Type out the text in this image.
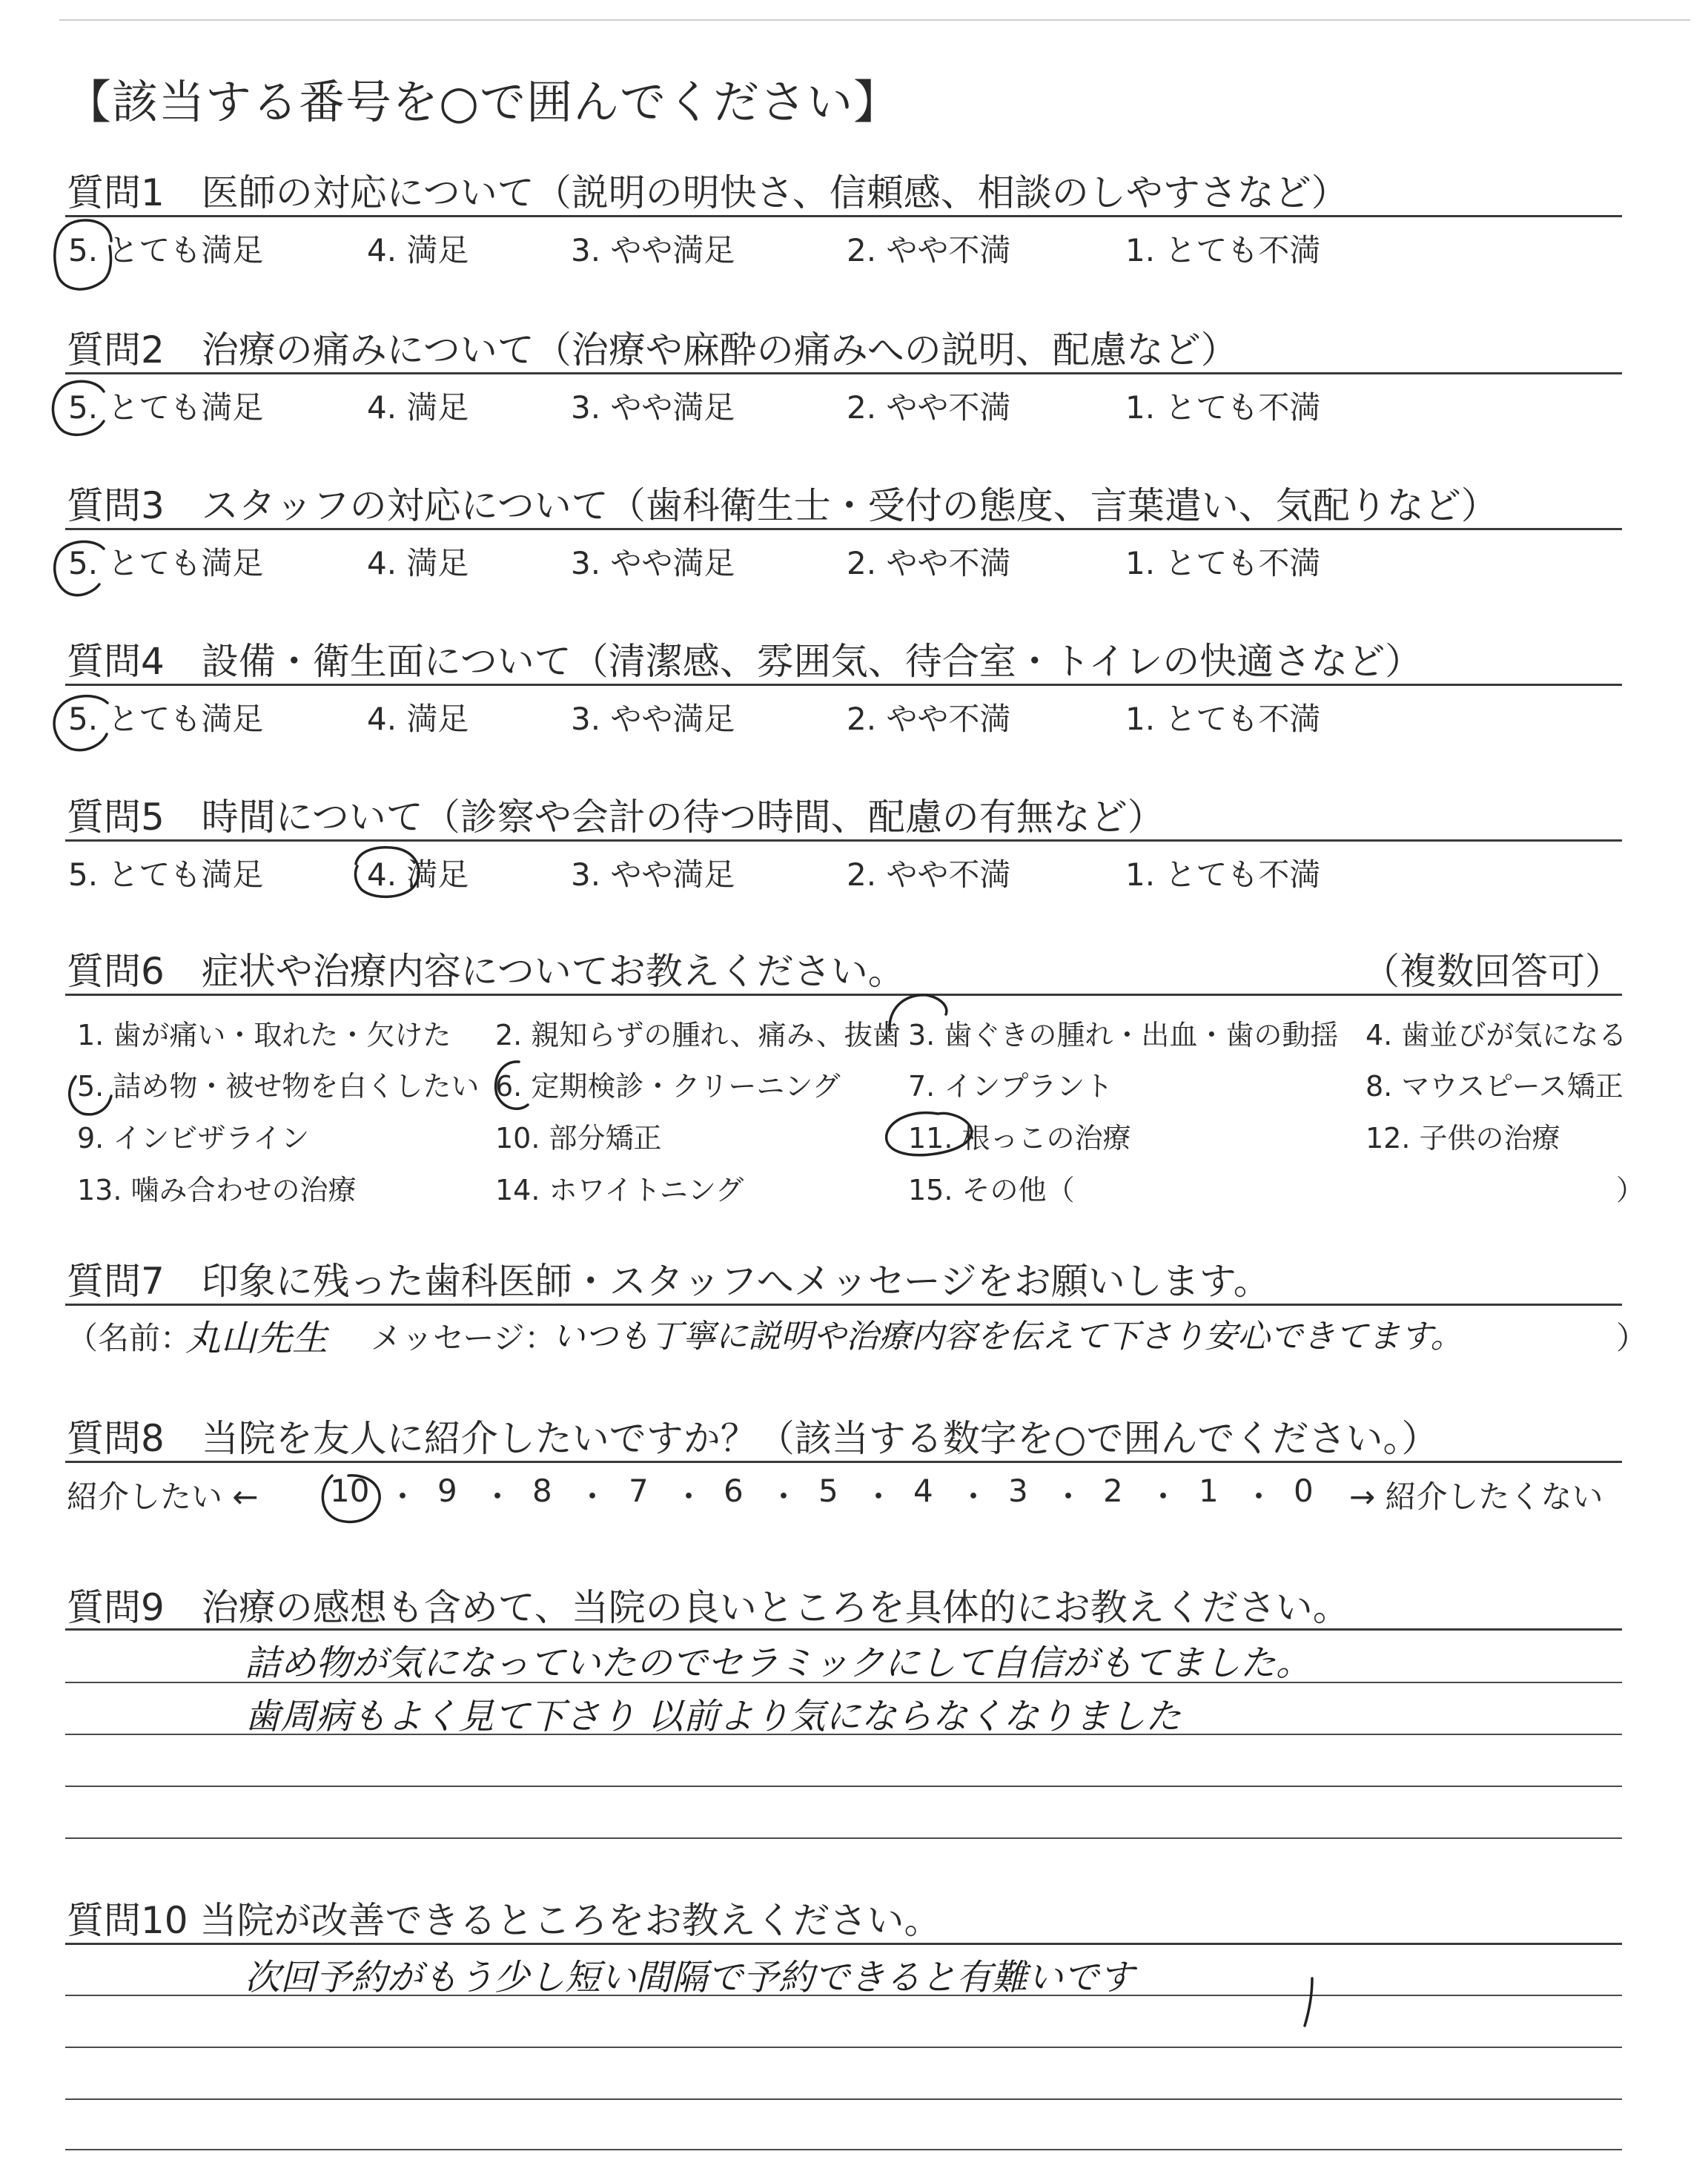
【該当する番号を○で囲んでください】
質問1　医師の対応について（説明の明快さ、信頼感、相談のしやすさなど）
5. とても満足	4. 満足	3. やや満足	2. やや不満	1. とても不満
質問2　治療の痛みについて（治療や麻酔の痛みへの説明、配慮など）
5. とても満足	4. 満足	3. やや満足	2. やや不満	1. とても不満
質問3　スタッフの対応について（歯科衛生士・受付の態度、言葉遣い、気配りなど）
5. とても満足	4. 満足	3. やや満足	2. やや不満	1. とても不満
質問4　設備・衛生面について（清潔感、雰囲気、待合室・トイレの快適さなど）
5. とても満足	4. 満足	3. やや満足	2. やや不満	1. とても不満
質問5　時間について（診察や会計の待つ時間、配慮の有無など）
5. とても満足	4. 満足	3. やや満足	2. やや不満	1. とても不満
質問6　症状や治療内容についてお教えください。	（複数回答可）
1. 歯が痛い・取れた・欠けた 2. 親知らずの腫れ、痛み、抜歯 3. 歯ぐきの腫れ・出血・歯の動揺 4. 歯並びが気になる
5. 詰め物・被せ物を白くしたい 6. 定期検診・クリーニング 7. インプラント	8. マウスピース矯正
9. インビザライン	10. 部分矯正	11. 根っこの治療	12. 子供の治療
13. 噛み合わせの治療	14. ホワイトニング	15. その他（	）
質問7　印象に残った歯科医師・スタッフへメッセージをお願いします。
（名前：
丸山先生 メッセージ：
いつも丁寧に説明や治療内容を伝えて下さり安心できてます。	）
質問8　当院を友人に紹介したいですか？（該当する数字を○で囲んでください。）
紹介したい ←	→ 紹介したくない
10 ・ 9 ・ 8 ・ 7 ・ 6 ・ 5 ・ 4 ・ 3 ・ 2 ・ 1 ・ 0
質問9　治療の感想も含めて、当院の良いところを具体的にお教えください。
詰め物が気になっていたのでセラミックにして自信がもてました。
歯周病もよく見て下さり 以前より気にならなくなりました
質問10 当院が改善できるところをお教えください。
次回予約がもう少し短い間隔で予約できると有難いです
